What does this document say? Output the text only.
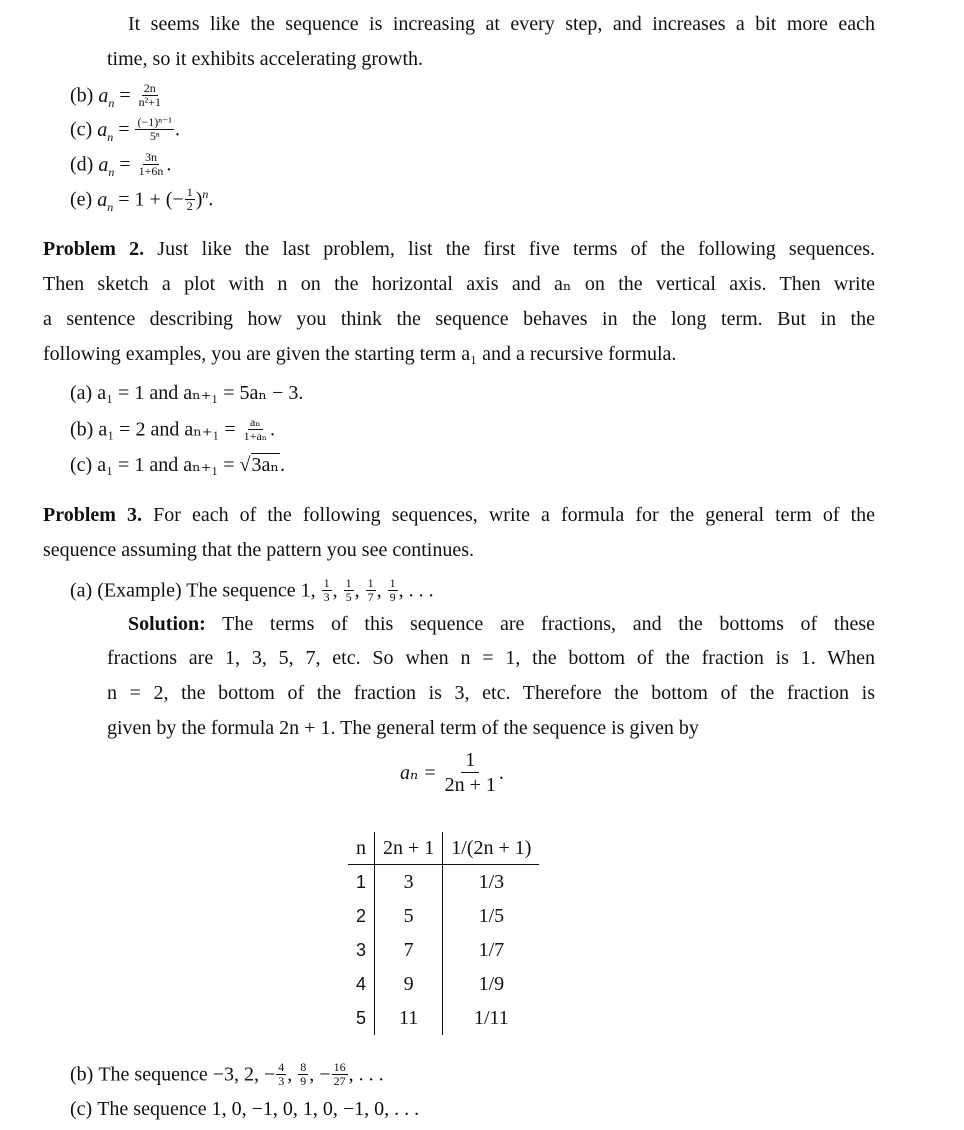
It seems like the sequence is increasing at every step, and increases a bit more each
time, so it exhibits accelerating growth.
(b) $a_n = \frac{2n}{\text{n²+1}}$
(c) $a_n = \frac{\text{(−1)ⁿ⁻¹}}{\text{5ⁿ}}$ .
(d) $a_n = \frac{3n}{1+6n}$ .
(e) $a_n = 1$ + (− $\frac{1}{2} )^n$.
Problem 2. Just like the last problem, list the first five terms of the following sequences.
Then sketch a plot with n on the horizontal axis and aₙ on the vertical axis. Then write
a sentence describing how you think the sequence behaves in the long term. But in the
following examples, you are given the starting term a₁ and a recursive formula.
(a) a₁ = 1 and aₙ₊₁ = 5aₙ − 3.
(b) a₁ = 2 and $a_{n+1} = \frac{\text{aₙ}}{\text{1+aₙ}}$ .
(c) a₁ = 1 and aₙ₊₁ = √3aₙ.
Problem 3. For each of the following sequences, write a formula for the general term of the
sequence assuming that the pattern you see continues.
(a) (Example) The sequence 1, $\frac{1}{3}$ , $\frac{1}{5}$ , $\frac{1}{7}$ , $\frac{1}{9}$ , . . .
Solution: The terms of this sequence are fractions, and the bottoms of these
fractions are 1, 3, 5, 7, etc. So when n = 1, the bottom of the fraction is 1. When
n = 2, the bottom of the fraction is 3, etc. Therefore the bottom of the fraction is
given by the formula 2n + 1. The general term of the sequence is given by
$a_n = \frac{1}{2n + 1}$ .
n	2n + 1	1/(2n + 1)
1	3	1/3
2	5	1/5
3	7	1/7
4	9	1/9
5	11	1/11
(b) The sequence −3, 2, − $\frac{4}{3}$ , $\frac{8}{9}$ , − $\frac{16}{27}$ , . . .
(c) The sequence 1, 0, −1, 0, 1, 0, −1, 0, . . .
